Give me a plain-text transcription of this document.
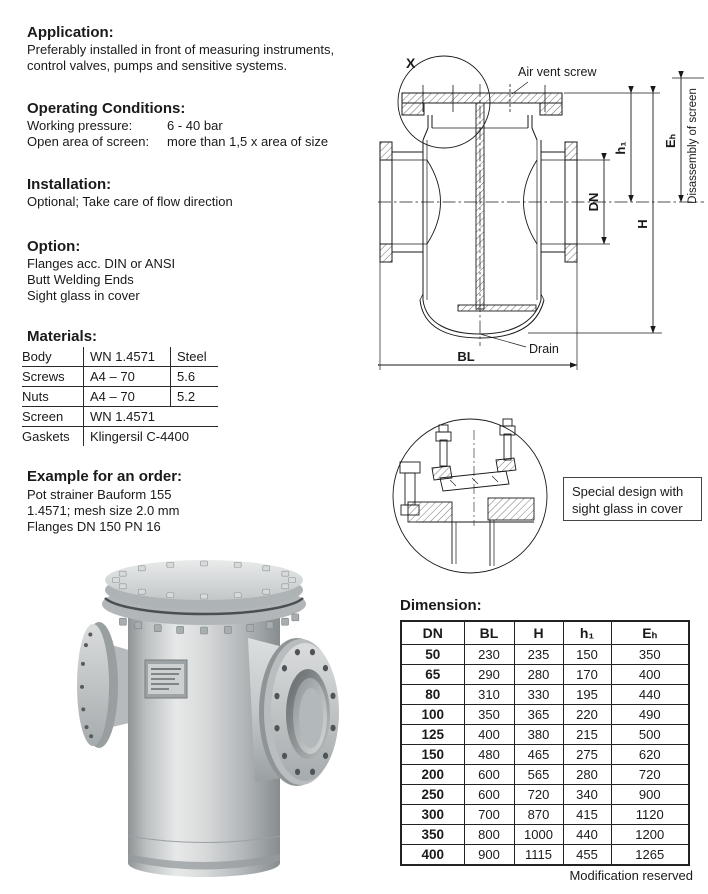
Application:
Preferably installed in front of measuring instruments,
control valves, pumps and sensitive systems.
Operating Conditions:
Working pressure:	6 - 40 bar
Open area of screen:	more than 1,5 x area of size
Installation:
Optional; Take care of flow direction
Option:
Flanges acc. DIN or ANSI
Butt Welding Ends
Sight glass in cover
Materials:
Body	WN 1.4571	Steel
Screws	A4 – 70	5.6
Nuts	A4 – 70	5.2
Screen	WN 1.4571
Gaskets	Klingersil C-4400
Example for an order:
Pot strainer Bauform 155
1.4571; mesh size 2.0 mm
Flanges DN 150 PN 16
X
Air vent screw
Drain
BL
DN
h₁
H
Eₕ Disassembly of screen
Special design with
sight glass in cover
Dimension:
DN	BL	H	h₁	Eₕ
50	230	235	150	350
65	290	280	170	400
80	310	330	195	440
100	350	365	220	490
125	400	380	215	500
150	480	465	275	620
200	600	565	280	720
250	600	720	340	900
300	700	870	415	1120
350	800	1000	440	1200
400	900	1115	455	1265
Modification reserved
